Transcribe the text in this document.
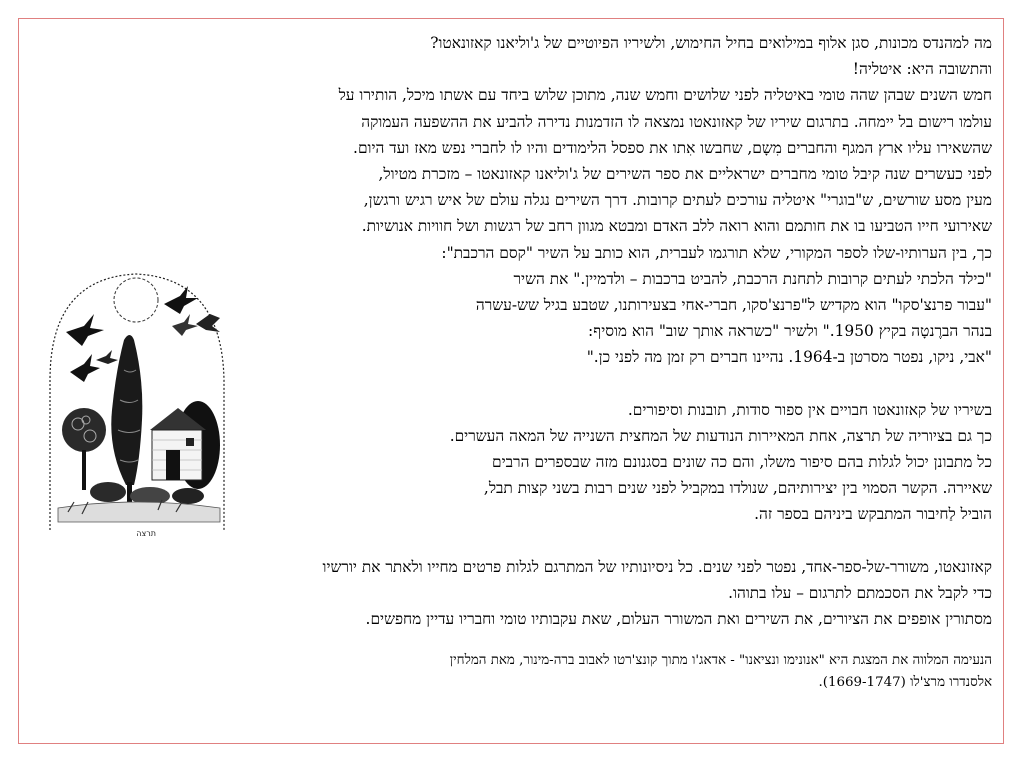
מה למהנדס מכונות, סגן אלוף במילואים בחיל החימוש, ולשיריו הפיוטיים של ג'וליאנו קאזונאטו?
והתשובה היא: איטליה!
חמש השנים שבהן שהה טומי באיטליה לפני שלושים וחמש שנה, מתוכן שלוש ביחד עם אשתו מיכל, הותירו על
עולמו רישום בל יימחה. בתרגום שיריו של קאזונאטו נמצאה לו הזדמנות נדירה להביע את ההשפעה העמוקה
שהשאירו עליו ארץ המגף והחברים מִשָם, שחבשו אִתו את ספסל הלימודים והיו לו לחברי נפש מאז ועד היום.
לפני כעשרים שנה קיבל טומי מחברים ישראליים את ספר השירים של ג'וליאנו קאזונאטו – מזכרת מטיול,
מעין מסע שורשים, ש"בוגרי" איטליה עורכים לעתים קרובות. דרך השירים נגלה עולם של איש רגיש ורגשן,
שאירועי חייו הטביעו בו את חותמם והוא רואה ללב האדם ומבטא מגוון רחב של רגשות ושל חוויות אנושיות.
כך, בין הערותיו-שלו לספר המקורי, שלא תורגמו לעברית, הוא כותב על השיר "קסם הרכבת":
"כילד הלכתי לעתים קרובות לתחנת הרכבת, להביט ברכבות – ולדמיין." את השיר
"עבור פרנצ'סקו" הוא מקדיש ל"פרנצ'סקו, חברי-אחי בצעירותנו, שטבע בגיל שש-עשרה
בנהר הברֶנטָה בקיץ 1950." ולשיר "כשראה אותך שוב" הוא מוסיף:
"אבי, ניקו, נפטר מסרטן ב-1964. נהיינו חברים רק זמן מה לפני כן."
בשיריו של קאזונאטו חבויים אין ספור סודות, תובנות וסיפורים.
כך גם בציוריה של תרצה, אחת המאיירות הנודעות של המחצית השנייה של המאה העשרים.
כל מתבונן יכול לגלות בהם סיפור משלו, והם כה שונים בסגנונם מזה שבספרים הרבים
שאיירה. הקשר הסמוי בין יצירותיהם, שנולדו במקביל לפני שנים רבות בשני קצות תבל,
הוביל לַחיבור המתבקש ביניהם בספר זה.
קאזונאטו, משורר-של-ספר-אחד, נפטר לפני שנים. כל ניסיונותיו של המתרגם לגלות פרטים מחייו ולאתר את יורשיו
כדי לקבל את הסכמתם לתרגום – עלו בתוהו.
מסתורין אופפים את הציורים, את השירים ואת המשורר העלום, שאת עקבותיו טומי וחבריו עדיין מחפשים.
הנעימה המלווה את המצגת היא "אנונימו ונציאנו" - אדאג'ו מתוך קונצ'רטו לאבוב ברה-מינור, מאת המלחין
אלסנדרו מרצ'לו (1669-1747).
תרצה
